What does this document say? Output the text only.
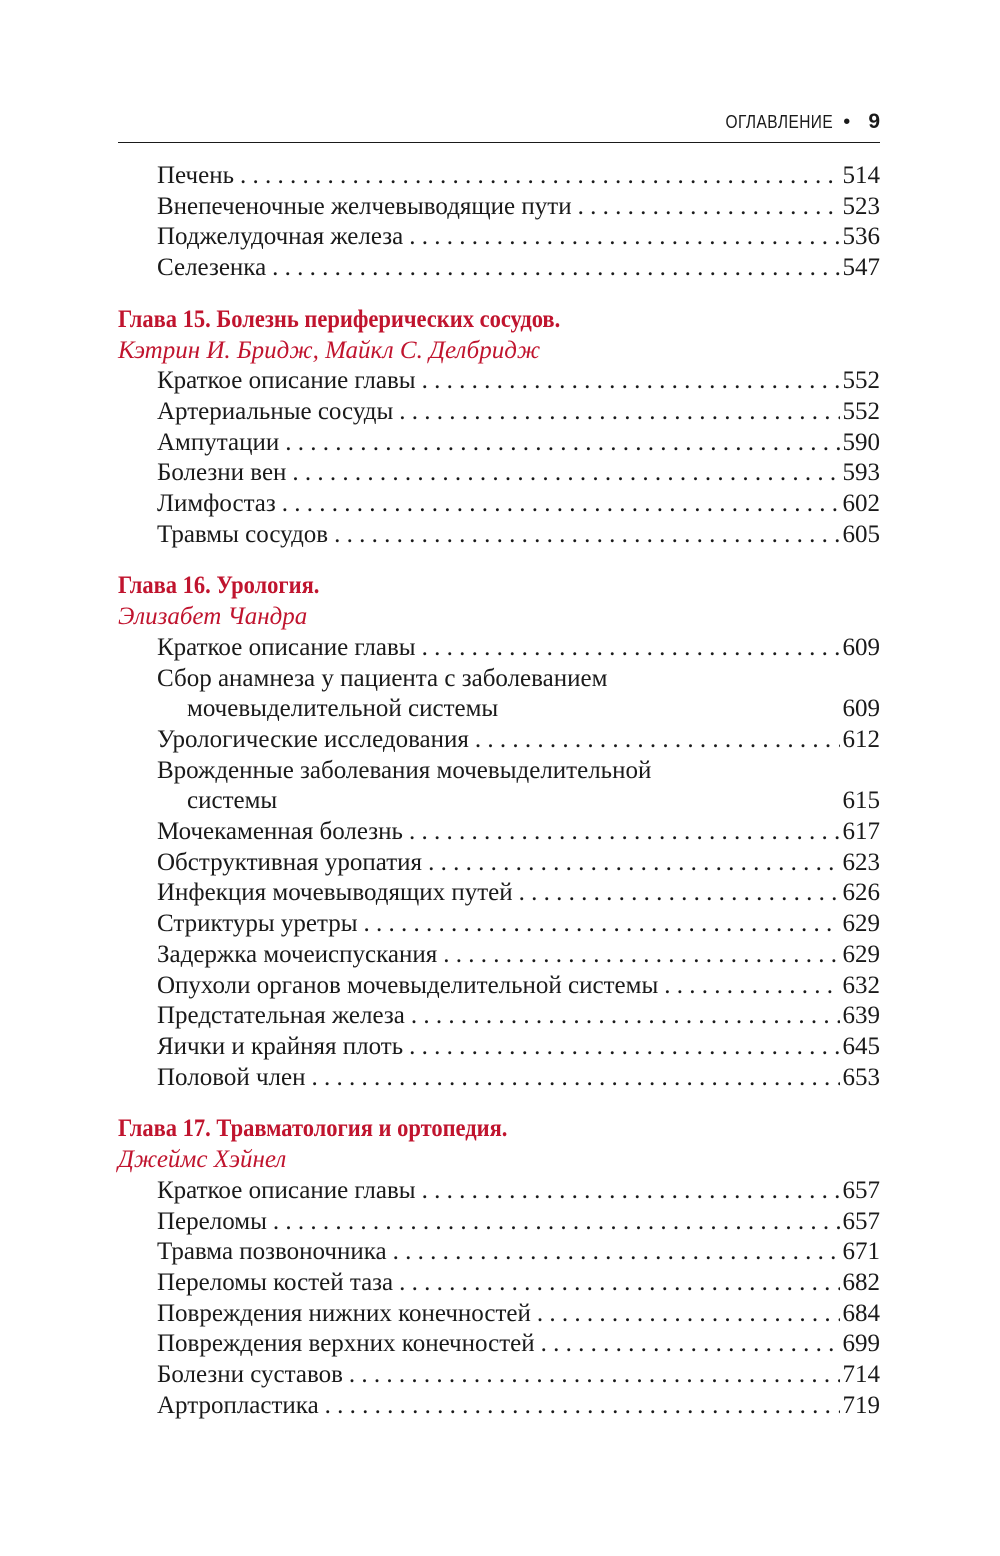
ОГЛАВЛЕНИЕ • 9
Печень . . .	514
Внепеченочные желчевыводящие пути . . .	523
Поджелудочная железа . . .	536
Селезенка . . .	547
Глава 15. Болезнь периферических сосудов.
Кэтрин И. Бридж, Майкл С. Делбридж
Краткое описание главы . . .	552
Артериальные сосуды . . .	552
Ампутации . . .	590
Болезни вен . . .	593
Лимфостаз . . .	602
Травмы сосудов . . .	605
Глава 16. Урология.
Элизабет Чандра
Краткое описание главы . . .	609
Сбор анамнеза у пациента с заболеванием
мочевыделительной системы	609
Урологические исследования . . .	612
Врожденные заболевания мочевыделительной
системы	615
Мочекаменная болезнь . . .	617
Обструктивная уропатия . . .	623
Инфекция мочевыводящих путей . . .	626
Стриктуры уретры . . .	629
Задержка мочеиспускания . . .	629
Опухоли органов мочевыделительной системы . . .	632
Предстательная железа . . .	639
Яички и крайняя плоть . . .	645
Половой член . . .	653
Глава 17. Травматология и ортопедия.
Джеймс Хэйнел
Краткое описание главы . . .	657
Переломы . . .	657
Травма позвоночника . . .	671
Переломы костей таза . . .	682
Повреждения нижних конечностей . . .	684
Повреждения верхних конечностей . . .	699
Болезни суставов . . .	714
Артропластика . . .	719
